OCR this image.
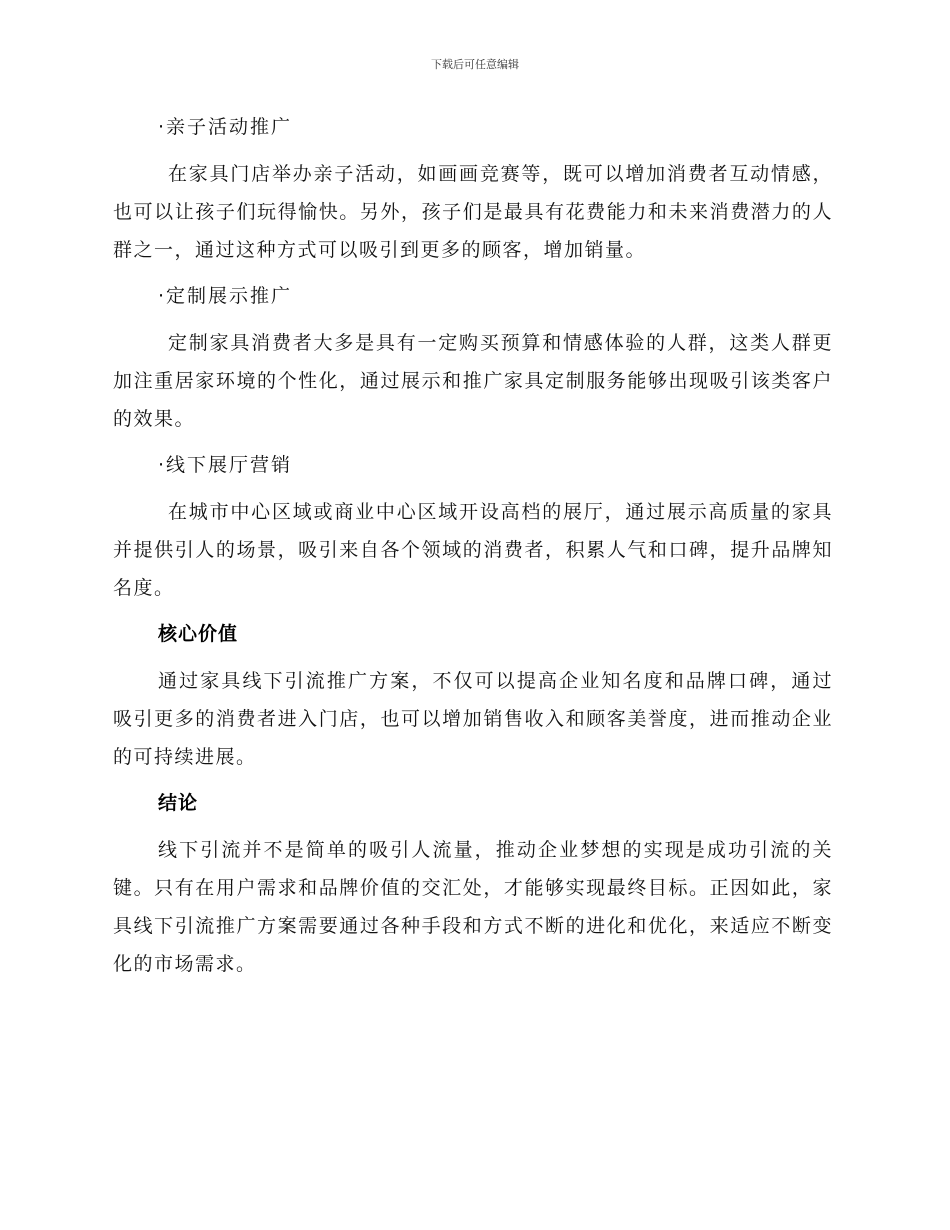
下载后可任意编辑
·亲子活动推广
在家具门店举办亲子活动，如画画竞赛等，既可以增加消费者互动情感，也可以让孩子们玩得愉快。另外，孩子们是最具有花费能力和未来消费潜力的人群之一，通过这种方式可以吸引到更多的顾客，增加销量。
·定制展示推广
定制家具消费者大多是具有一定购买预算和情感体验的人群，这类人群更加注重居家环境的个性化，通过展示和推广家具定制服务能够出现吸引该类客户的效果。
·线下展厅营销
在城市中心区域或商业中心区域开设高档的展厅，通过展示高质量的家具并提供引人的场景，吸引来自各个领域的消费者，积累人气和口碑，提升品牌知名度。
核心价值
通过家具线下引流推广方案，不仅可以提高企业知名度和品牌口碑，通过吸引更多的消费者进入门店，也可以增加销售收入和顾客美誉度，进而推动企业的可持续进展。
结论
线下引流并不是简单的吸引人流量，推动企业梦想的实现是成功引流的关键。只有在用户需求和品牌价值的交汇处，才能够实现最终目标。正因如此，家具线下引流推广方案需要通过各种手段和方式不断的进化和优化，来适应不断变化的市场需求。
